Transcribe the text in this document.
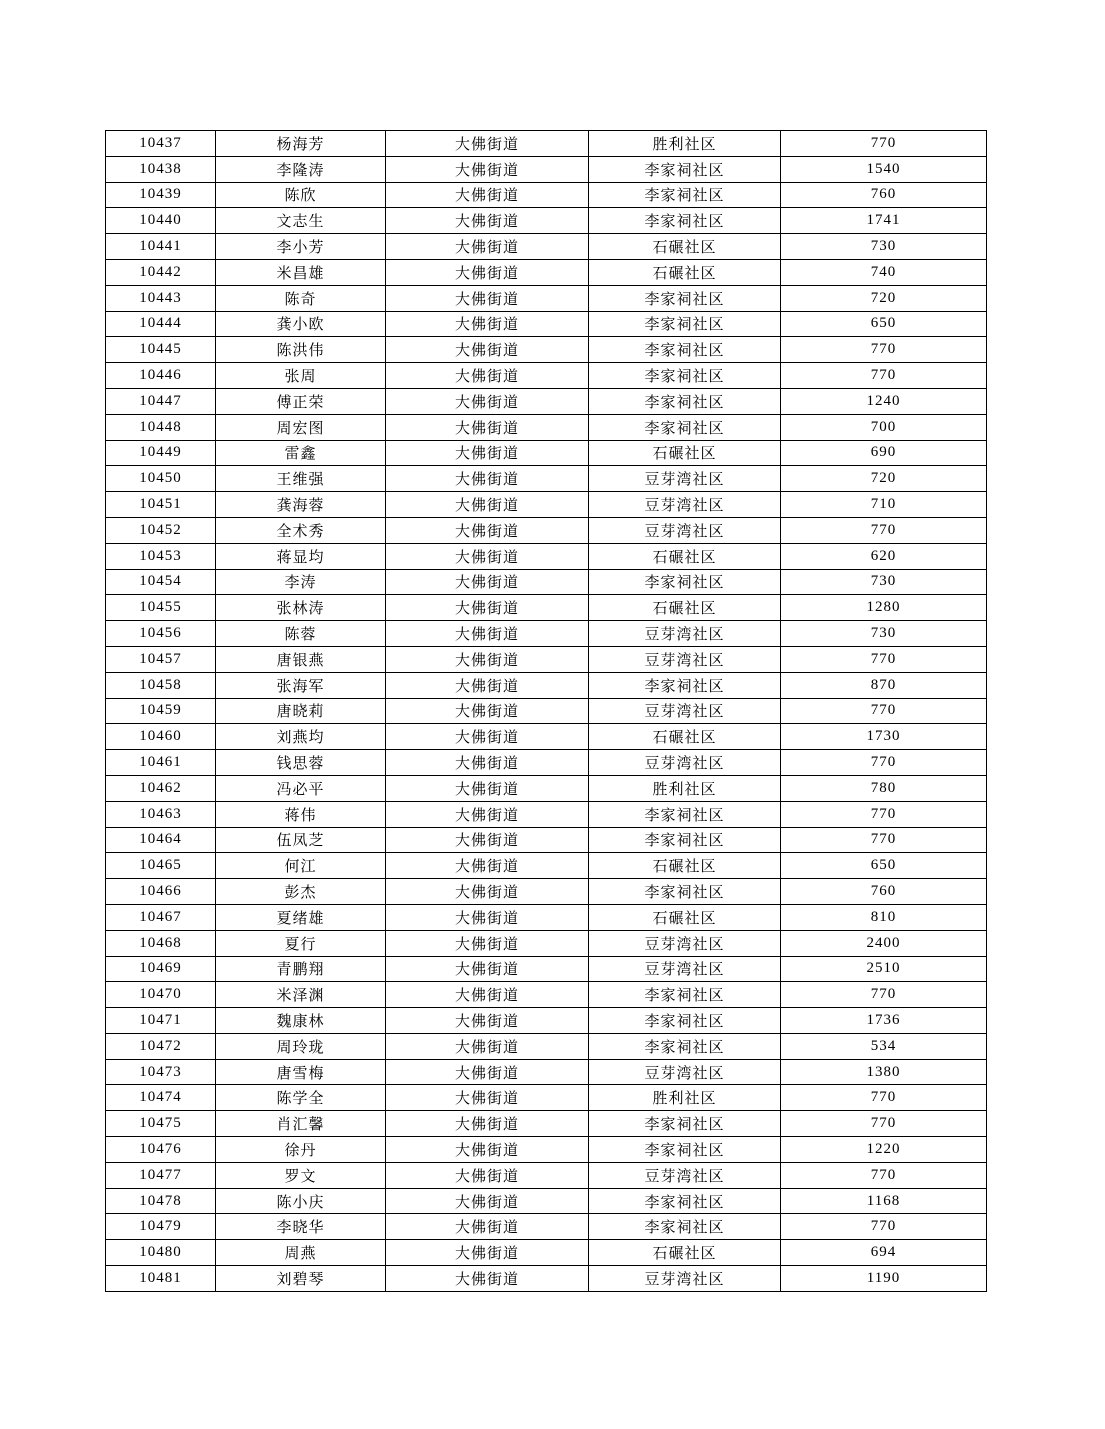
10437	杨海芳	大佛街道	胜利社区	770
10438	李隆涛	大佛街道	李家祠社区	1540
10439	陈欣	大佛街道	李家祠社区	760
10440	文志生	大佛街道	李家祠社区	1741
10441	李小芳	大佛街道	石碾社区	730
10442	米昌雄	大佛街道	石碾社区	740
10443	陈奇	大佛街道	李家祠社区	720
10444	龚小欧	大佛街道	李家祠社区	650
10445	陈洪伟	大佛街道	李家祠社区	770
10446	张周	大佛街道	李家祠社区	770
10447	傅正荣	大佛街道	李家祠社区	1240
10448	周宏图	大佛街道	李家祠社区	700
10449	雷鑫	大佛街道	石碾社区	690
10450	王维强	大佛街道	豆芽湾社区	720
10451	龚海蓉	大佛街道	豆芽湾社区	710
10452	全术秀	大佛街道	豆芽湾社区	770
10453	蒋显均	大佛街道	石碾社区	620
10454	李涛	大佛街道	李家祠社区	730
10455	张林涛	大佛街道	石碾社区	1280
10456	陈蓉	大佛街道	豆芽湾社区	730
10457	唐银燕	大佛街道	豆芽湾社区	770
10458	张海军	大佛街道	李家祠社区	870
10459	唐晓莉	大佛街道	豆芽湾社区	770
10460	刘燕均	大佛街道	石碾社区	1730
10461	钱思蓉	大佛街道	豆芽湾社区	770
10462	冯必平	大佛街道	胜利社区	780
10463	蒋伟	大佛街道	李家祠社区	770
10464	伍凤芝	大佛街道	李家祠社区	770
10465	何江	大佛街道	石碾社区	650
10466	彭杰	大佛街道	李家祠社区	760
10467	夏绪雄	大佛街道	石碾社区	810
10468	夏行	大佛街道	豆芽湾社区	2400
10469	青鹏翔	大佛街道	豆芽湾社区	2510
10470	米泽渊	大佛街道	李家祠社区	770
10471	魏康林	大佛街道	李家祠社区	1736
10472	周玲珑	大佛街道	李家祠社区	534
10473	唐雪梅	大佛街道	豆芽湾社区	1380
10474	陈学全	大佛街道	胜利社区	770
10475	肖汇馨	大佛街道	李家祠社区	770
10476	徐丹	大佛街道	李家祠社区	1220
10477	罗文	大佛街道	豆芽湾社区	770
10478	陈小庆	大佛街道	李家祠社区	1168
10479	李晓华	大佛街道	李家祠社区	770
10480	周燕	大佛街道	石碾社区	694
10481	刘碧琴	大佛街道	豆芽湾社区	1190
